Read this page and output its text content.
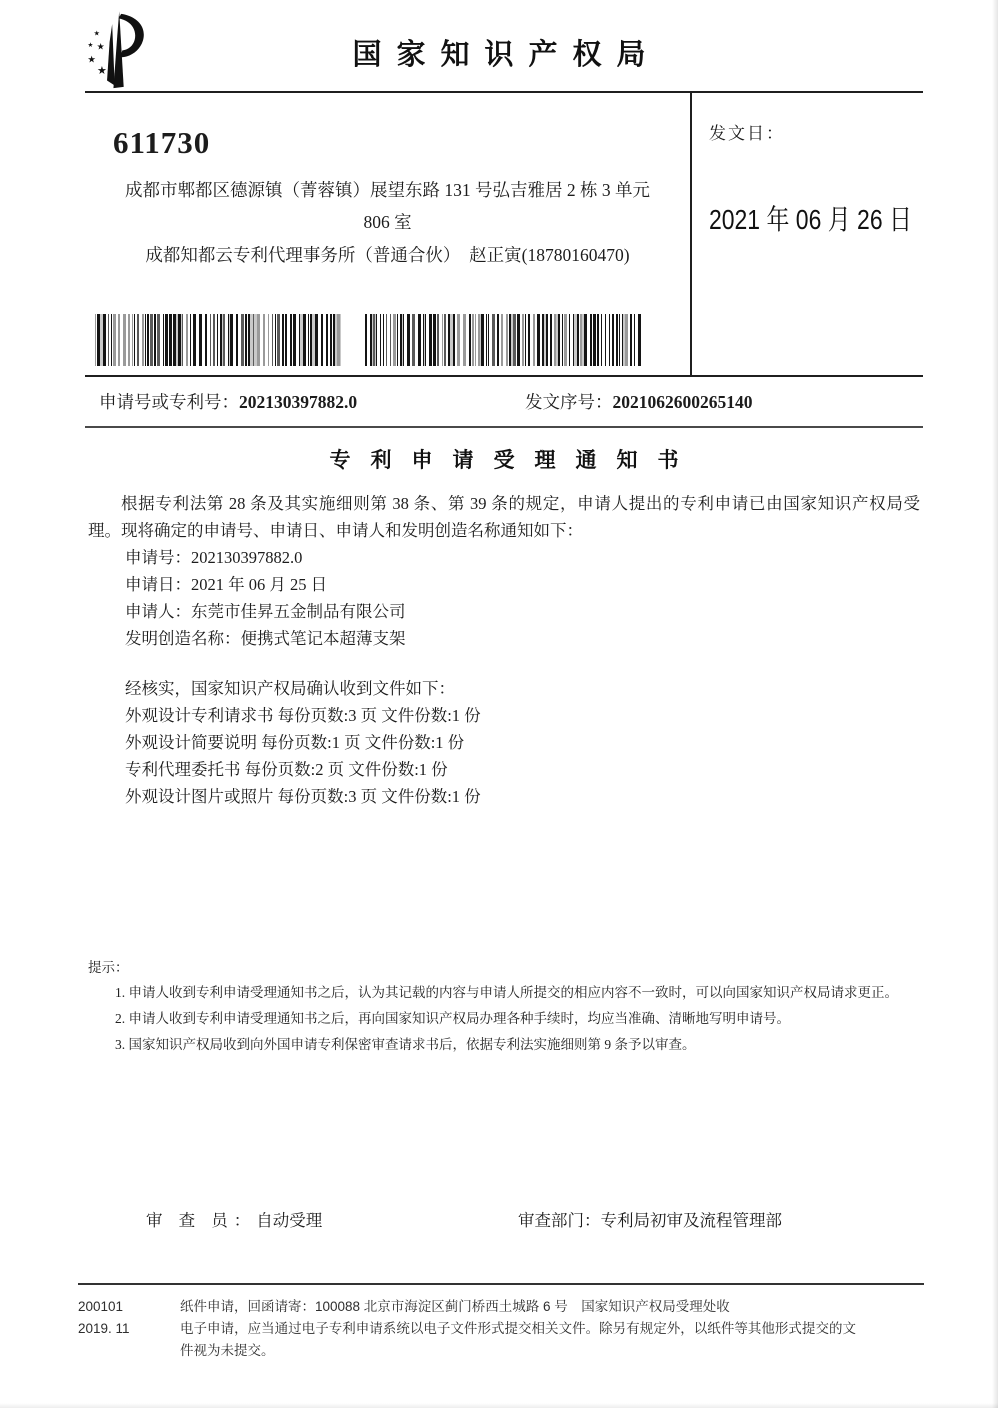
★
★ ★
★
★
国家知识产权局
611730
成都市郫都区德源镇（菁蓉镇）展望东路 131 号弘吉雅居 2 栋 3 单元
806 室
成都知都云专利代理事务所（普通合伙）　赵正寅(18780160470)
发文日：
2021 年 06 月 26 日
申请号或专利号：202130397882.0	发文序号：2021062600265140
专利申请受理通知书

根据专利法第 28 条及其实施细则第 38 条、第 39 条的规定，申请人提出的专利申请已由国家知识产权局受理。现将确定的申请号、申请日、申请人和发明创造名称通知如下：

申请号：202130397882.0
申请日：2021 年 06 月 25 日
申请人：东莞市佳昇五金制品有限公司
发明创造名称：便携式笔记本超薄支架
经核实，国家知识产权局确认收到文件如下：
外观设计专利请求书 每份页数:3 页 文件份数:1 份
外观设计简要说明 每份页数:1 页 文件份数:1 份
专利代理委托书 每份页数:2 页 文件份数:1 份
外观设计图片或照片 每份页数:3 页 文件份数:1 份
提示：

1. 申请人收到专利申请受理通知书之后，认为其记载的内容与申请人所提交的相应内容不一致时，可以向国家知识产权局请求更正。

2. 申请人收到专利申请受理通知书之后，再向国家知识产权局办理各种手续时，均应当准确、清晰地写明申请号。

3. 国家知识产权局收到向外国申请专利保密审查请求书后，依据专利法实施细则第 9 条予以审查。

审 查 员：自动受理	审查部门：专利局初审及流程管理部
200101
2019. 11
纸件申请，回函请寄：100088 北京市海淀区蓟门桥西土城路 6 号　国家知识产权局受理处收
电子申请，应当通过电子专利申请系统以电子文件形式提交相关文件。除另有规定外，以纸件等其他形式提交的文件视为未提交。
